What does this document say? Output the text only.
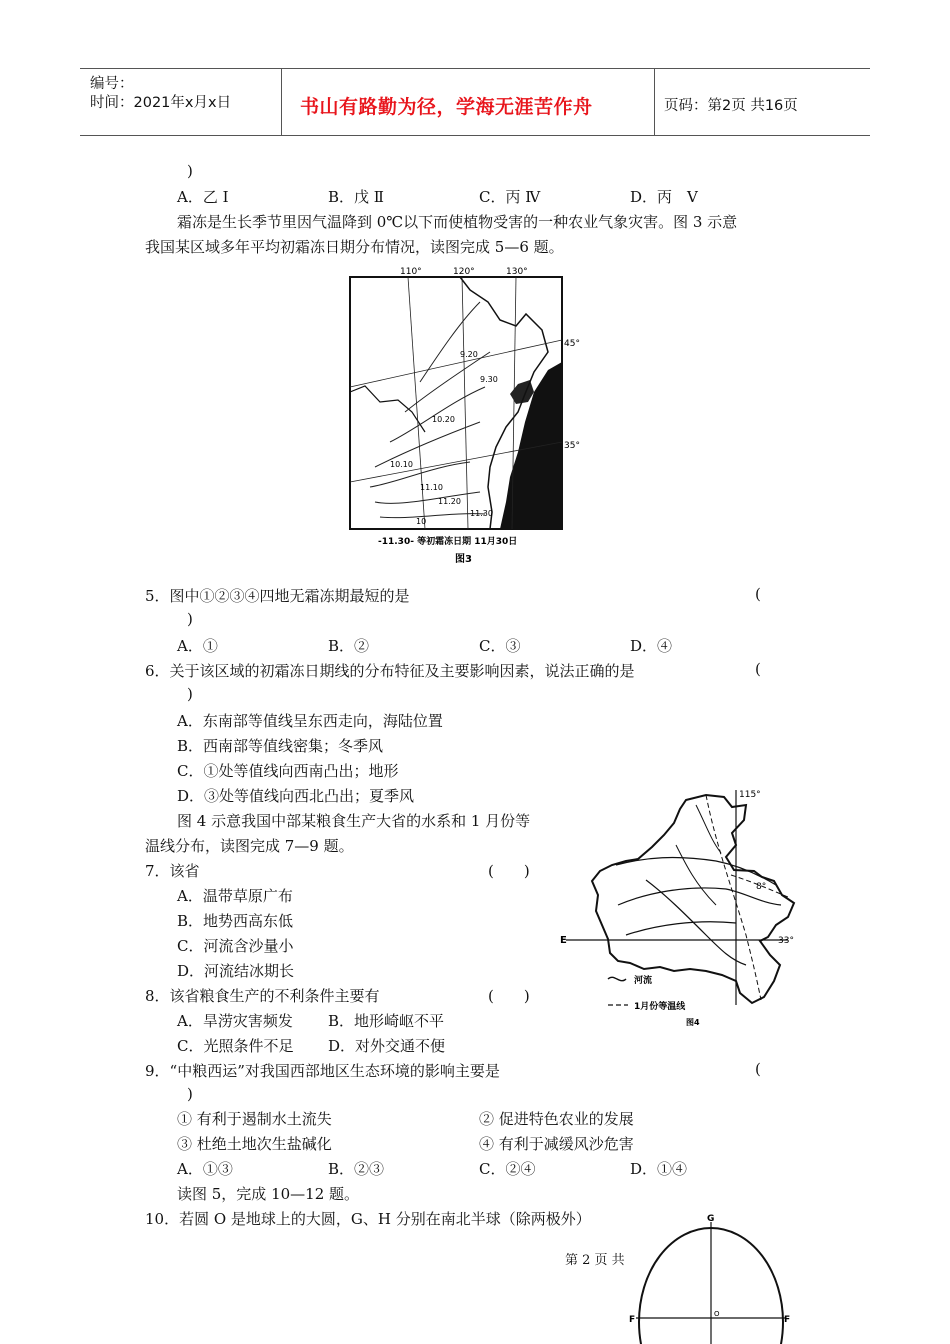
编号：
时间：2021年x月x日	书山有路勤为径，学海无涯苦作舟	页码：第2页 共16页
)
A．乙 Ⅰ	B．戊 Ⅱ	C．丙 Ⅳ	D．丙　Ⅴ
霜冻是生长季节里因气温降到 0℃以下而使植物受害的一种农业气象灾害。图 3 示意
我国某区域多年平均初霜冻日期分布情况，读图完成 5—6 题。
110°	120°	130°
45°
35°
9.20
9.30
10.20
10.10
11.10
11.20
11.30
10
-11.30- 等初霜冻日期 11月30日
图3
5．图中①②③④四地无霜冻期最短的是	(
)
A．①	B．②	C．③	D．④
6．关于该区域的初霜冻日期线的分布特征及主要影响因素，说法正确的是	(
)
A．东南部等值线呈东西走向，海陆位置
B．西南部等值线密集；冬季风
C．①处等值线向西南凸出；地形
D．③处等值线向西北凸出；夏季风
图 4 示意我国中部某粮食生产大省的水系和 1 月份等
温线分布，读图完成 7—9 题。
7．该省	(　　)
A．温带草原广布
B．地势西高东低
C．河流含沙量小
D．河流结冰期长
8．该省粮食生产的不利条件主要有	(　　)
A．旱涝灾害频发 B．地形崎岖不平
C．光照条件不足 D．对外交通不便
115°
33°
8°
E
河流
1月份等温线
图4
9．“中粮西运”对我国西部地区生态环境的影响主要是	(
)
① 有利于遏制水土流失	② 促进特色农业的发展
③ 杜绝土地次生盐碱化	④ 有利于减缓风沙危害
A．①③	B．②③	C．②④	D．①④
读图 5，完成 10—12 题。
10．若圆 O 是地球上的大圆，G、H 分别在南北半球（除两极外）
第 2 页 共
G
F	F
O
